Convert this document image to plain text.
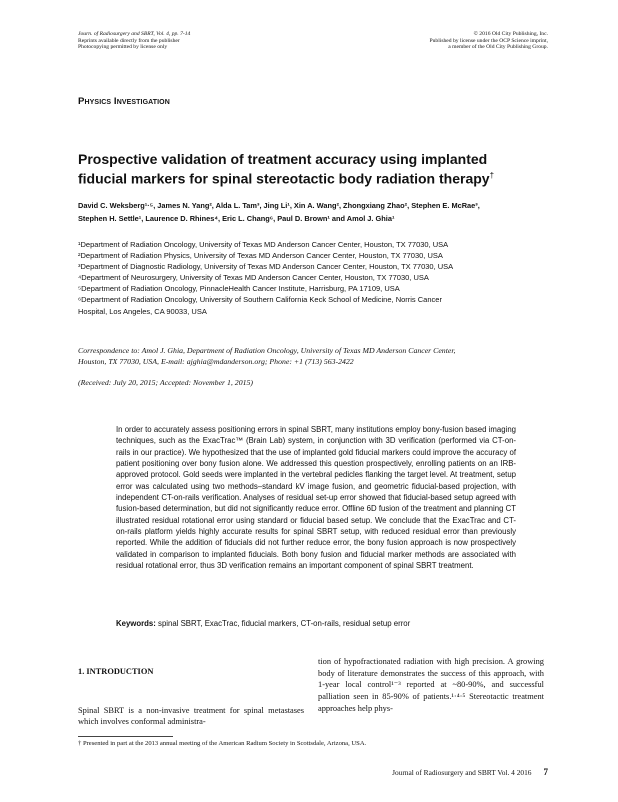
Journ. of Radiosurgery and SBRT, Vol. 4, pp. 7-14
Reprints available directly from the publisher
Photocopying permitted by license only
© 2016 Old City Publishing, Inc.
Published by license under the OCP Science imprint,
a member of the Old City Publishing Group.
Physics Investigation
Prospective validation of treatment accuracy using implanted
fiducial markers for spinal stereotactic body radiation therapy†
David C. Weksberg¹·⁵, James N. Yang², Alda L. Tam³, Jing Li¹, Xin A. Wang², Zhongxiang Zhao², Stephen E. McRae³,
Stephen H. Settle¹, Laurence D. Rhines⁴, Eric L. Chang⁶, Paul D. Brown¹ and Amol J. Ghia¹
¹Department of Radiation Oncology, University of Texas MD Anderson Cancer Center, Houston, TX 77030, USA
²Department of Radiation Physics, University of Texas MD Anderson Cancer Center, Houston, TX 77030, USA
³Department of Diagnostic Radiology, University of Texas MD Anderson Cancer Center, Houston, TX 77030, USA
⁴Department of Neurosurgery, University of Texas MD Anderson Cancer Center, Houston, TX 77030, USA
⁵Department of Radiation Oncology, PinnacleHealth Cancer Institute, Harrisburg, PA 17109, USA
⁶Department of Radiation Oncology, University of Southern California Keck School of Medicine, Norris Cancer
Hospital, Los Angeles, CA 90033, USA
Correspondence to: Amol J. Ghia, Department of Radiation Oncology, University of Texas MD Anderson Cancer Center,
Houston, TX 77030, USA, E-mail: ajghia@mdanderson.org; Phone: +1 (713) 563-2422
(Received: July 20, 2015; Accepted: November 1, 2015)
In order to accurately assess positioning errors in spinal SBRT, many institutions employ bony-fusion based imaging techniques, such as the ExacTrac™ (Brain Lab) system, in conjunction with 3D verification (performed via CT-on-rails in our practice). We hypothesized that the use of implanted gold fiducial markers could improve the accuracy of patient positioning over bony fusion alone. We addressed this question prospectively, enrolling patients on an IRB-approved protocol. Gold seeds were implanted in the vertebral pedicles flanking the target level. At treatment, setup error was calculated using two methods–standard kV image fusion, and geometric fiducial-based projection, with independent CT-on-rails verification. Analyses of residual set-up error showed that fiducial-based setup agreed with fusion-based determination, but did not significantly reduce error. Offline 6D fusion of the treatment and planning CT illustrated residual rotational error using standard or fiducial based setup. We conclude that the ExacTrac and CT-on-rails platform yields highly accurate results for spinal SBRT setup, with reduced residual error than previously reported. While the addition of fiducials did not further reduce error, the bony fusion approach is now prospectively validated in comparison to implanted fiducials. Both bony fusion and fiducial marker methods are associated with residual rotational error, thus 3D verification remains an important component of spinal SBRT treatment.
Keywords: spinal SBRT, ExacTrac, fiducial markers, CT-on-rails, residual setup error
1. INTRODUCTION

Spinal SBRT is a non-invasive treatment for spinal metastases which involves conformal administra-

tion of hypofractionated radiation with high precision. A growing body of literature demonstrates the success of this approach, with 1-year local control¹⁻³ reported at ~80-90%, and successful palliation seen in 85-90% of patients.¹·⁴·⁵ Stereotactic treatment approaches help phys-
† Presented in part at the 2013 annual meeting of the American Radium Society in Scottsdale, Arizona, USA.
Journal of Radiosurgery and SBRT Vol. 4 2016 7
